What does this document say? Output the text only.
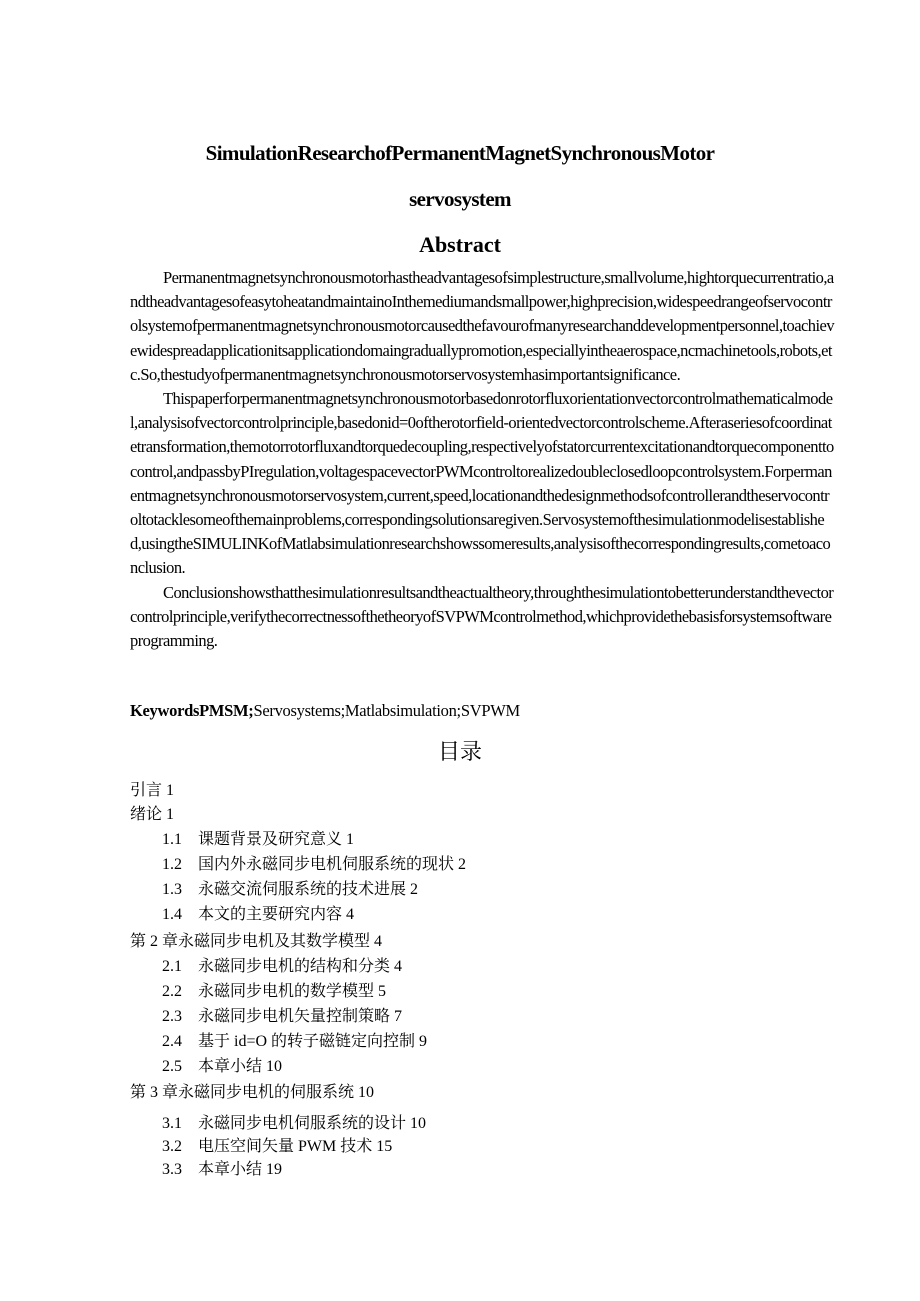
SimulationResearchofPermanentMagnetSynchronousMotor
servosystem
Abstract

Permanentmagnetsynchronousmotorhastheadvantagesofsimplestructure,smallvolume,hightorquecurrentratio,andtheadvantagesofeasytoheatandmaintainoInthemediumandsmallpower,highprecision,widespeedrangeofservocontrolsystemofpermanentmagnetsynchronousmotorcausedthefavourofmanyresearchanddevelopmentpersonnel,toachievewidespreadapplicationitsapplicationdomaingraduallypromotion,especiallyintheaerospace,ncmachinetools,robots,etc.So,thestudyofpermanentmagnetsynchronousmotorservosystemhasimportantsignificance.

Thispaperforpermanentmagnetsynchronousmotorbasedonrotorfluxorientationvectorcontrolmathematicalmodel,analysisofvectorcontrolprinciple,basedonid=0oftherotorfield-orientedvectorcontrolscheme.Afteraseriesofcoordinatetransformation,themotorrotorfluxandtorquedecoupling,respectivelyofstatorcurrentexcitationandtorquecomponenttocontrol,andpassbyPIregulation,voltagespacevectorPWMcontroltorealizedoubleclosedloopcontrolsystem.Forpermanentmagnetsynchronousmotorservosystem,current,speed,locationandthedesignmethodsofcontrollerandtheservocontroltotacklesomeofthemainproblems,correspondingsolutionsaregiven.Servosystemofthesimulationmodelisestablished,usingtheSIMULINKofMatlabsimulationresearchshowssomeresults,analysisofthecorrespondingresults,cometoaconclusion.

Conclusionshowsthatthesimulationresultsandtheactualtheory,throughthesimulationtobetterunderstandthevectorcontrolprinciple,verifythecorrectnessofthetheoryofSVPWMcontrolmethod,whichprovidethebasisforsystemsoftwareprogramming.

KeywordsPMSM;Servosystems;Matlabsimulation;SVPWM
目录
引言 1
绪论 1
1.1 课题背景及研究意义 1
1.2 国内外永磁同步电机伺服系统的现状 2
1.3 永磁交流伺服系统的技术进展 2
1.4 本文的主要研究内容 4
第 2 章永磁同步电机及其数学模型 4
2.1 永磁同步电机的结构和分类 4
2.2 永磁同步电机的数学模型 5
2.3 永磁同步电机矢量控制策略 7
2.4 基于 id=O 的转子磁链定向控制 9
2.5 本章小结 10
第 3 章永磁同步电机的伺服系统 10
3.1 永磁同步电机伺服系统的设计 10
3.2 电压空间矢量 PWM 技术 15
3.3 本章小结 19
